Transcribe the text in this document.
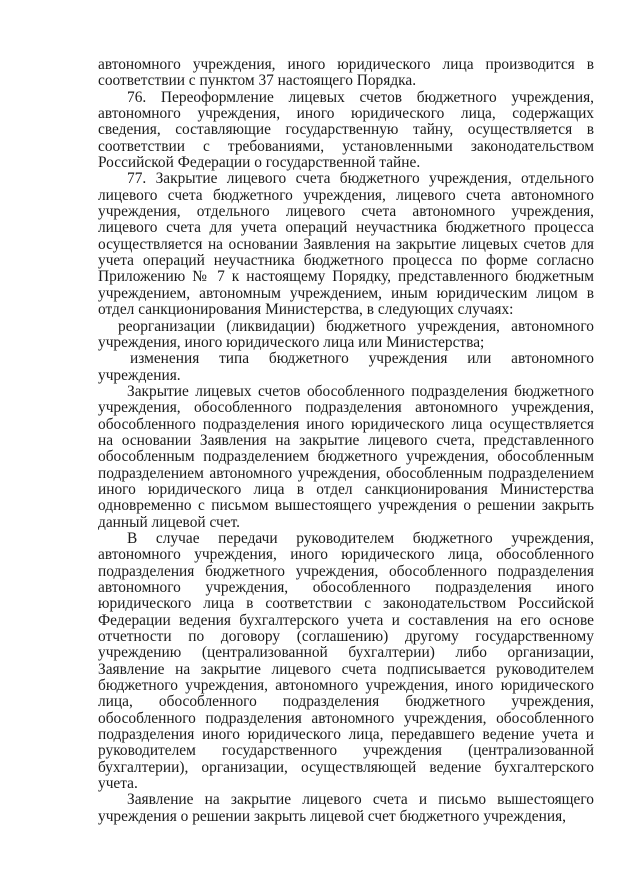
автономного учреждения, иного юридического лица производится в соответствии с пунктом 37 настоящего Порядка.

76. Переоформление лицевых счетов бюджетного учреждения, автономного учреждения, иного юридического лица, содержащих сведения, составляющие государственную тайну, осуществляется в соответствии с требованиями, установленными законодательством Российской Федерации о государственной тайне.

77. Закрытие лицевого счета бюджетного учреждения, отдельного лицевого счета бюджетного учреждения, лицевого счета автономного учреждения, отдельного лицевого счета автономного учреждения, лицевого счета для учета операций неучастника бюджетного процесса осуществляется на основании Заявления на закрытие лицевых счетов для учета операций неучастника бюджетного процесса по форме согласно Приложению № 7 к настоящему Порядку, представленного бюджетным учреждением, автономным учреждением, иным юридическим лицом в отдел санкционирования Министерства, в следующих случаях:

реорганизации (ликвидации) бюджетного учреждения, автономного учреждения, иного юридического лица или Министерства;

изменения типа бюджетного учреждения или автономного учреждения.

Закрытие лицевых счетов обособленного подразделения бюджетного учреждения, обособленного подразделения автономного учреждения, обособленного подразделения иного юридического лица осуществляется на основании Заявления на закрытие лицевого счета, представленного обособленным подразделением бюджетного учреждения, обособленным подразделением автономного учреждения, обособленным подразделением иного юридического лица в отдел санкционирования Министерства одновременно с письмом вышестоящего учреждения о решении закрыть данный лицевой счет.

В случае передачи руководителем бюджетного учреждения, автономного учреждения, иного юридического лица, обособленного подразделения бюджетного учреждения, обособленного подразделения автономного учреждения, обособленного подразделения иного юридического лица в соответствии с законодательством Российской Федерации ведения бухгалтерского учета и составления на его основе отчетности по договору (соглашению) другому государственному учреждению (централизованной бухгалтерии) либо организации, Заявление на закрытие лицевого счета подписывается руководителем бюджетного учреждения, автономного учреждения, иного юридического лица, обособленного подразделения бюджетного учреждения, обособленного подразделения автономного учреждения, обособленного подразделения иного юридического лица, передавшего ведение учета и руководителем государственного учреждения (централизованной бухгалтерии), организации, осуществляющей ведение бухгалтерского учета.

Заявление на закрытие лицевого счета и письмо вышестоящего учреждения о решении закрыть лицевой счет бюджетного учреждения,
